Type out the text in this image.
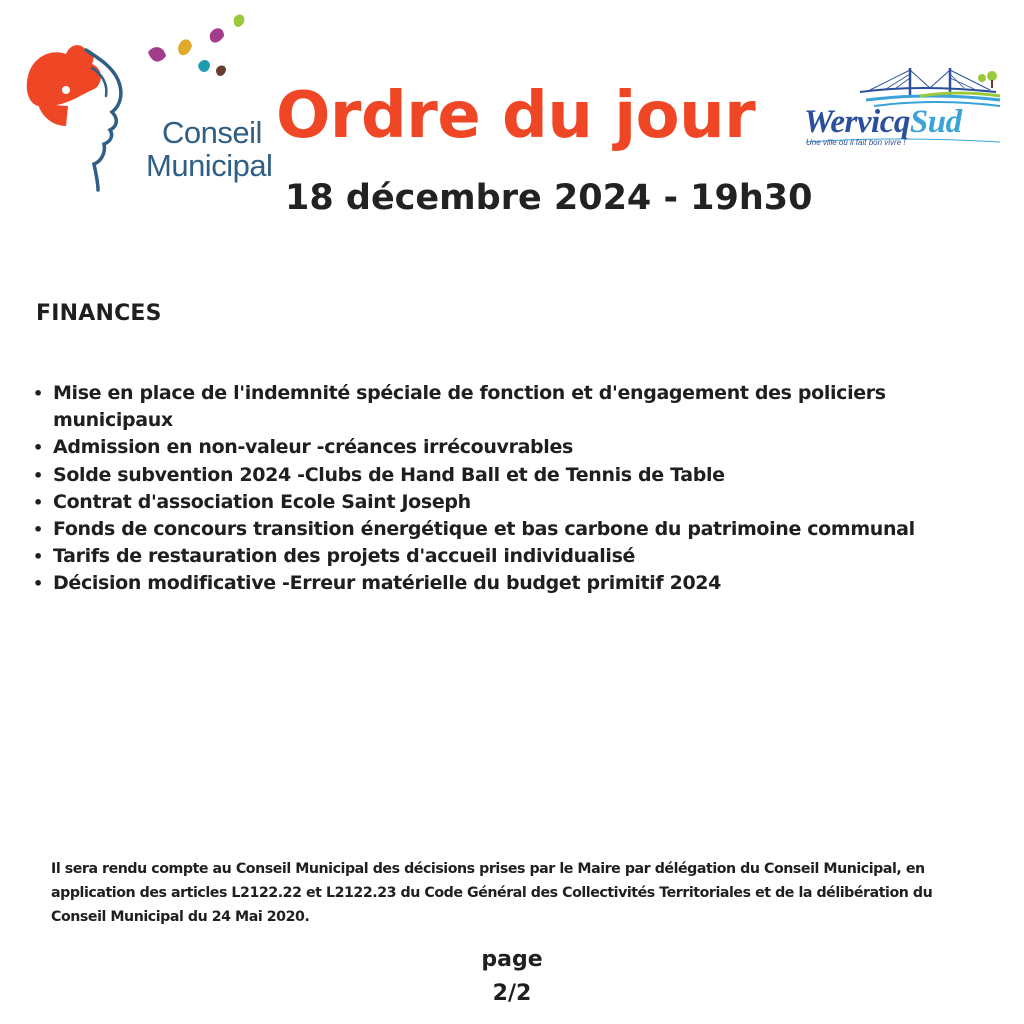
Conseil
Municipal
Ordre du jour
18 décembre 2024 - 19h30
WervicqSud
Une ville où il fait bon vivre !
FINANCES
• Mise en place de l'indemnité spéciale de fonction et d'engagement des policiers municipaux
• Admission en non-valeur -créances irrécouvrables
• Solde subvention 2024 -Clubs de Hand Ball et de Tennis de Table
• Contrat d'association Ecole Saint Joseph
• Fonds de concours transition énergétique et bas carbone du patrimoine communal
• Tarifs de restauration des projets d'accueil individualisé
• Décision modificative -Erreur matérielle du budget primitif 2024
Il sera rendu compte au Conseil Municipal des décisions prises par le Maire par délégation du Conseil Municipal, en application des articles L2122.22 et L2122.23 du Code Général des Collectivités Territoriales et de la délibération du Conseil Municipal du 24 Mai 2020.
page
2/2
